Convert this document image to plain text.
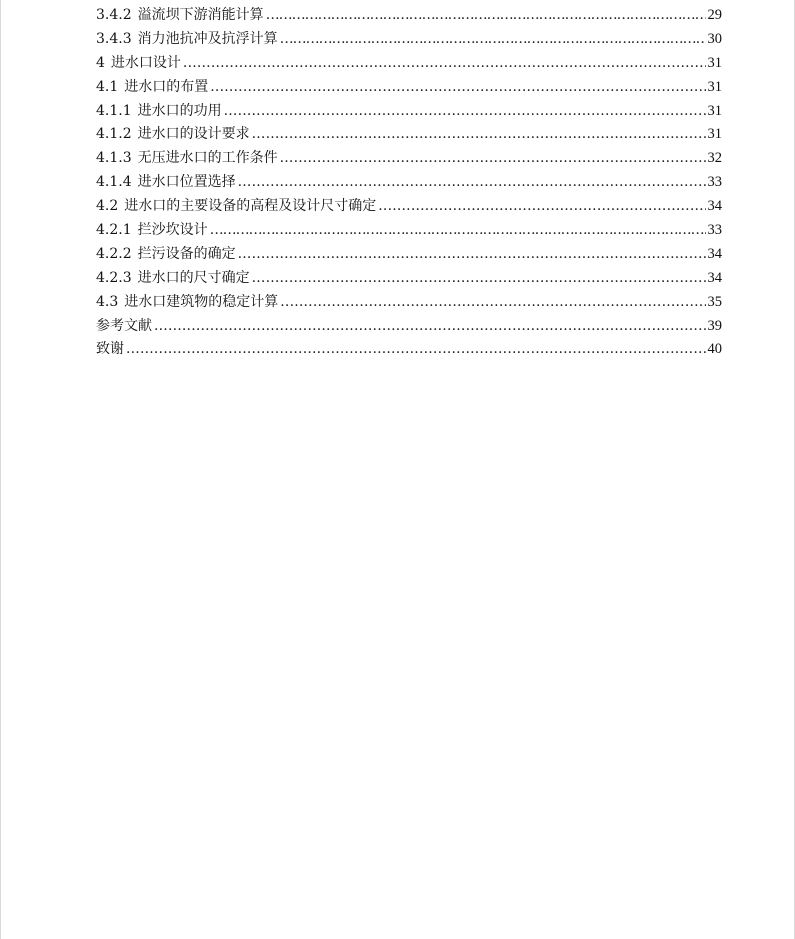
3.4.2 溢流坝下游消能计算 ………………………………………………………………………………………………………………………………………………………………………………………………………………………	29
3.4.3 消力池抗冲及抗浮计算 ………………………………………………………………………………………………………………………………………………………………………………………………………………………	30
4 进水口设计 .....	31
4.1 进水口的布置 .....	31
4.1.1 进水口的功用 .....	31
4.1.2 进水口的设计要求 .....	31
4.1.3 无压进水口的工作条件 .....	32
4.1.4 进水口位置选择 .....	33
4.2 进水口的主要设备的高程及设计尺寸确定 .....	34
4.2.1 拦沙坎设计 ………………………………………………………………………………………………………………………………………………………………………………………………………………………	33
4.2.2 拦污设备的确定 .....	34
4.2.3 进水口的尺寸确定 .....	34
4.3 进水口建筑物的稳定计算 .....	35
参考文献 .....	39
致谢 .....	40
